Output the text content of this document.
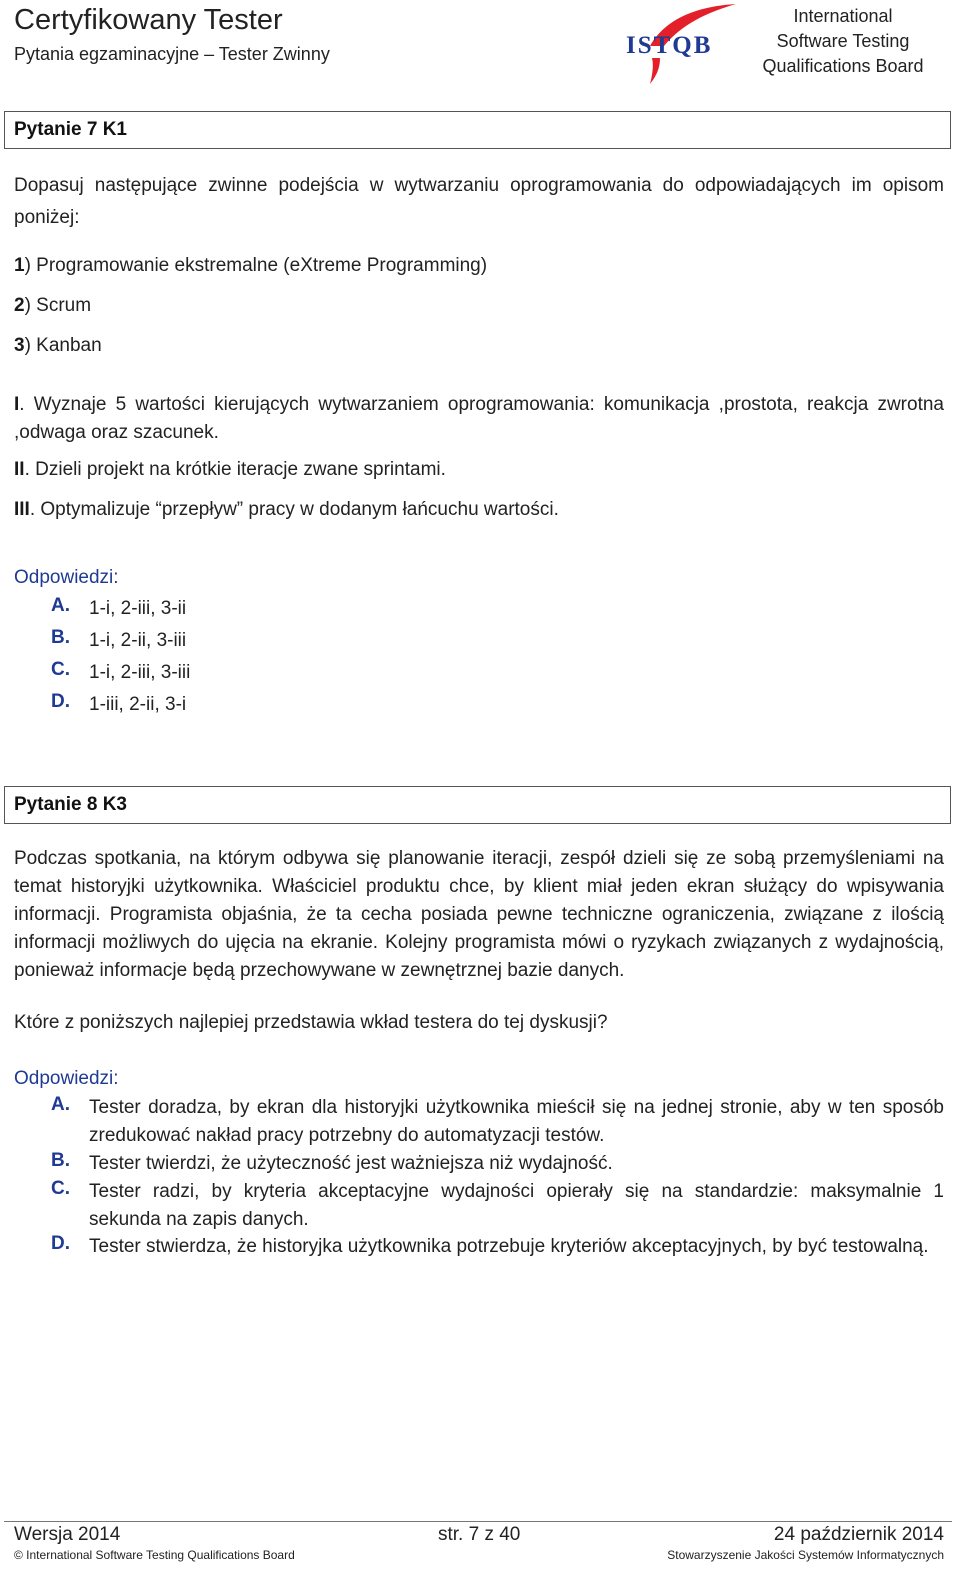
Certyfikowany Tester
Pytania egzaminacyjne – Tester Zwinny	ISTQB
International
Software Testing
Qualifications Board
Pytanie 7 K1
Dopasuj następujące zwinne podejścia w wytwarzaniu oprogramowania do odpowiadających im opisom poniżej:
1) Programowanie ekstremalne (eXtreme Programming)
2) Scrum
3) Kanban
I. Wyznaje 5 wartości kierujących wytwarzaniem oprogramowania: komunikacja ,prostota, reakcja zwrotna ,odwaga oraz szacunek.
II. Dzieli projekt na krótkie iteracje zwane sprintami.
III. Optymalizuje “przepływ” pracy w dodanym łańcuchu wartości.
Odpowiedzi:
A. 1-i, 2-iii, 3-ii
B. 1-i, 2-ii, 3-iii
C. 1-i, 2-iii, 3-iii
D. 1-iii, 2-ii, 3-i
Pytanie 8 K3
Podczas spotkania, na którym odbywa się planowanie iteracji, zespół dzieli się ze sobą przemyśleniami na temat historyjki użytkownika. Właściciel produktu chce, by klient miał jeden ekran służący do wpisywania informacji. Programista objaśnia, że ta cecha posiada pewne techniczne ograniczenia, związane z ilością informacji możliwych do ujęcia na ekranie. Kolejny programista mówi o ryzykach związanych z wydajnością, ponieważ informacje będą przechowywane w zewnętrznej bazie danych.
Które z poniższych najlepiej przedstawia wkład testera do tej dyskusji?
Odpowiedzi:
A. Tester doradza, by ekran dla historyjki użytkownika mieścił się na jednej stronie, aby w ten sposób zredukować nakład pracy potrzebny do automatyzacji testów.
B. Tester twierdzi, że użyteczność jest ważniejsza niż wydajność.
C. Tester radzi, by kryteria akceptacyjne wydajności opierały się na standardzie: maksymalnie 1 sekunda na zapis danych.
D. Tester stwierdza, że historyjka użytkownika potrzebuje kryteriów akceptacyjnych, by być testowalną.
Wersja 2014	str. 7 z 40	24 październik 2014
© International Software Testing Qualifications Board	Stowarzyszenie Jakości Systemów Informatycznych
